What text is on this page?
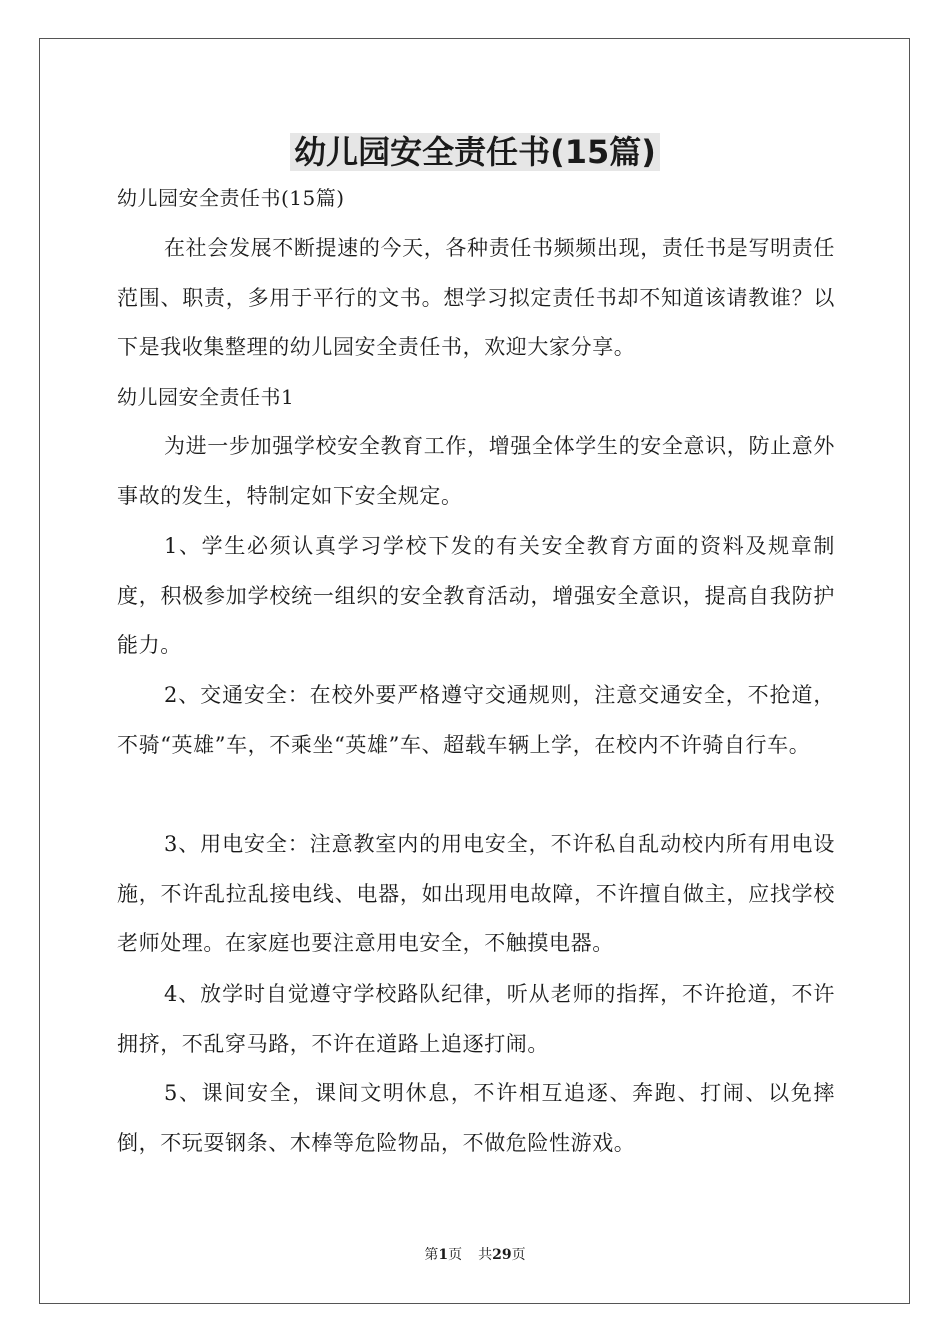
幼儿园安全责任书(15篇)

幼儿园安全责任书(15篇)

在社会发展不断提速的今天，各种责任书频频出现，责任书是写明责任范围、职责，多用于平行的文书。想学习拟定责任书却不知道该请教谁？以下是我收集整理的幼儿园安全责任书，欢迎大家分享。

幼儿园安全责任书1

为进一步加强学校安全教育工作，增强全体学生的安全意识，防止意外事故的发生，特制定如下安全规定。

1、学生必须认真学习学校下发的有关安全教育方面的资料及规章制度，积极参加学校统一组织的安全教育活动，增强安全意识，提高自我防护能力。

2、交通安全：在校外要严格遵守交通规则，注意交通安全，不抢道，不骑“英雄”车，不乘坐“英雄”车、超载车辆上学，在校内不许骑自行车。

3、用电安全：注意教室内的用电安全，不许私自乱动校内所有用电设施，不许乱拉乱接电线、电器，如出现用电故障，不许擅自做主，应找学校老师处理。在家庭也要注意用电安全，不触摸电器。

4、放学时自觉遵守学校路队纪律，听从老师的指挥，不许抢道，不许拥挤，不乱穿马路，不许在道路上追逐打闹。

5、课间安全，课间文明休息，不许相互追逐、奔跑、打闹、以免摔倒，不玩耍钢条、木棒等危险物品，不做危险性游戏。

第1页 共29页
